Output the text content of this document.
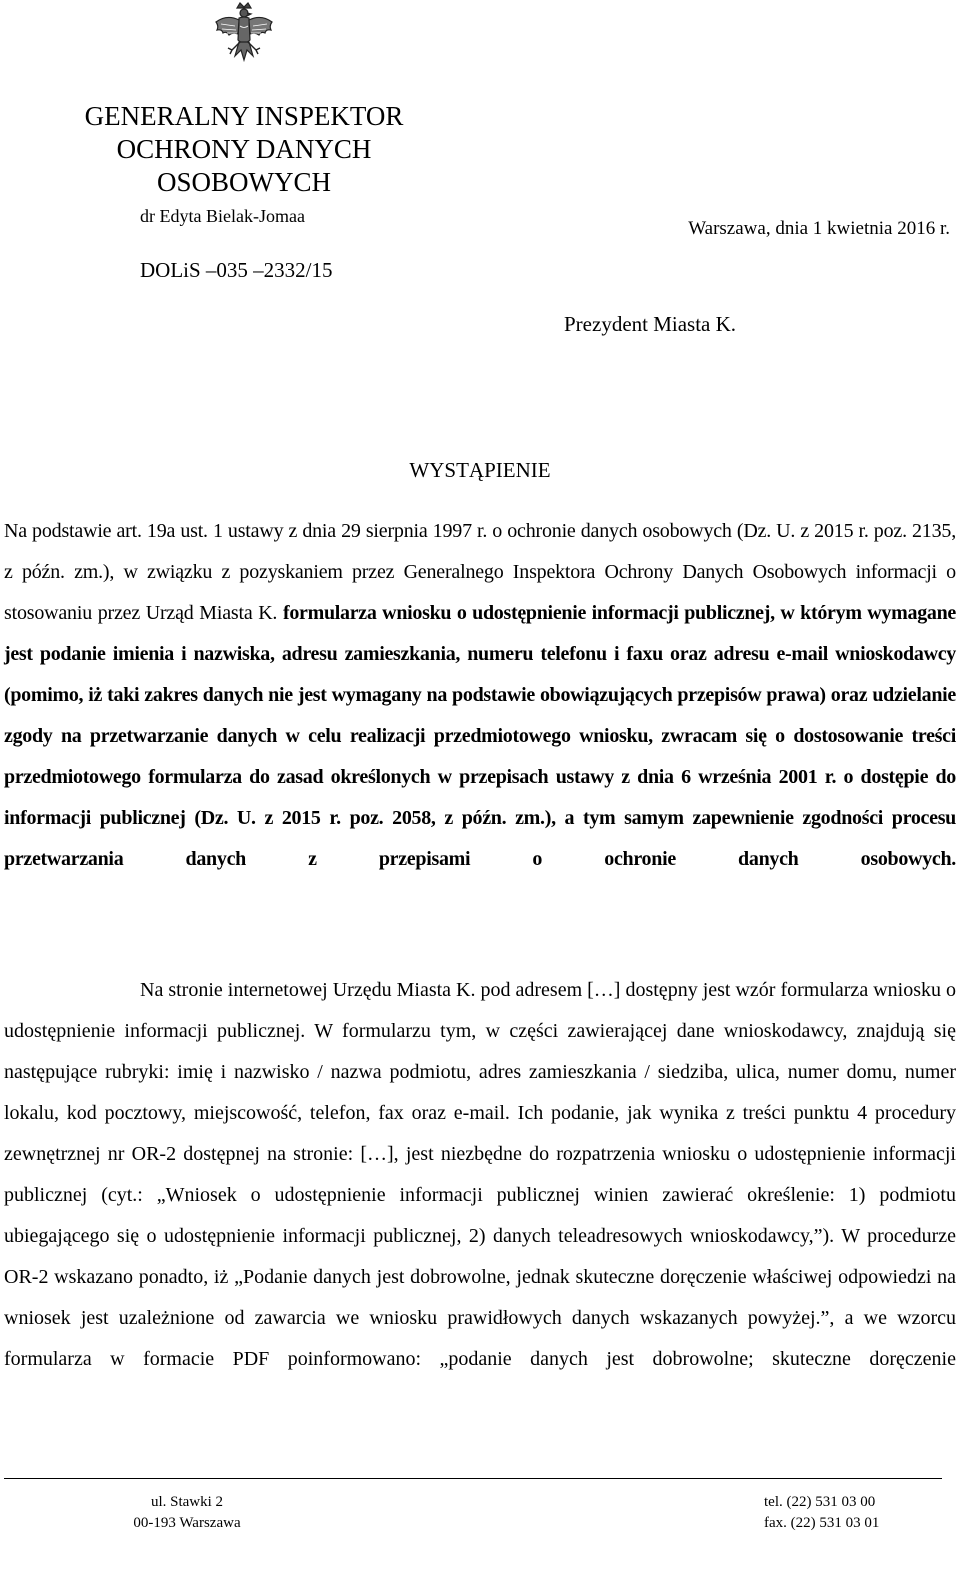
GENERALNY INSPEKTOR
OCHRONY DANYCH
OSOBOWYCH
dr Edyta Bielak-Jomaa
Warszawa, dnia 1 kwietnia 2016 r.
DOLiS –035 –2332/15
Prezydent Miasta K.
WYSTĄPIENIE

Na podstawie art. 19a ust. 1 ustawy z dnia 29 sierpnia 1997 r. o ochronie danych osobowych (Dz. U. z 2015 r. poz. 2135, z późn. zm.), w związku z pozyskaniem przez Generalnego Inspektora Ochrony Danych Osobowych informacji o stosowaniu przez Urząd Miasta K. formularza wniosku o udostępnienie informacji publicznej, w którym wymagane jest podanie imienia i nazwiska, adresu zamieszkania, numeru telefonu i faxu oraz adresu e-mail wnioskodawcy (pomimo, iż taki zakres danych nie jest wymagany na podstawie obowiązujących przepisów prawa) oraz udzielanie zgody na przetwarzanie danych w celu realizacji przedmiotowego wniosku, zwracam się o dostosowanie treści przedmiotowego formularza do zasad określonych w przepisach ustawy z dnia 6 września 2001 r. o dostępie do informacji publicznej (Dz. U. z 2015 r. poz. 2058, z późn. zm.), a tym samym zapewnienie zgodności procesu przetwarzania danych z przepisami o ochronie danych osobowych.

Na stronie internetowej Urzędu Miasta K. pod adresem […] dostępny jest wzór formularza wniosku o udostępnienie informacji publicznej. W formularzu tym, w części zawierającej dane wnioskodawcy, znajdują się następujące rubryki: imię i nazwisko / nazwa podmiotu, adres zamieszkania / siedziba, ulica, numer domu, numer lokalu, kod pocztowy, miejscowość, telefon, fax oraz e-mail. Ich podanie, jak wynika z treści punktu 4 procedury zewnętrznej nr OR-2 dostępnej na stronie: […], jest niezbędne do rozpatrzenia wniosku o udostępnienie informacji publicznej (cyt.: „Wniosek o udostępnienie informacji publicznej winien zawierać określenie: 1) podmiotu ubiegającego się o udostępnienie informacji publicznej, 2) danych teleadresowych wnioskodawcy,”). W procedurze OR-2 wskazano ponadto, iż „Podanie danych jest dobrowolne, jednak skuteczne doręczenie właściwej odpowiedzi na wniosek jest uzależnione od zawarcia we wniosku prawidłowych danych wskazanych powyżej.”, a we wzorcu formularza w formacie PDF poinformowano: „podanie danych jest dobrowolne; skuteczne doręczenie

ul. Stawki 2
00-193 Warszawa
tel. (22) 531 03 00
fax. (22) 531 03 01
